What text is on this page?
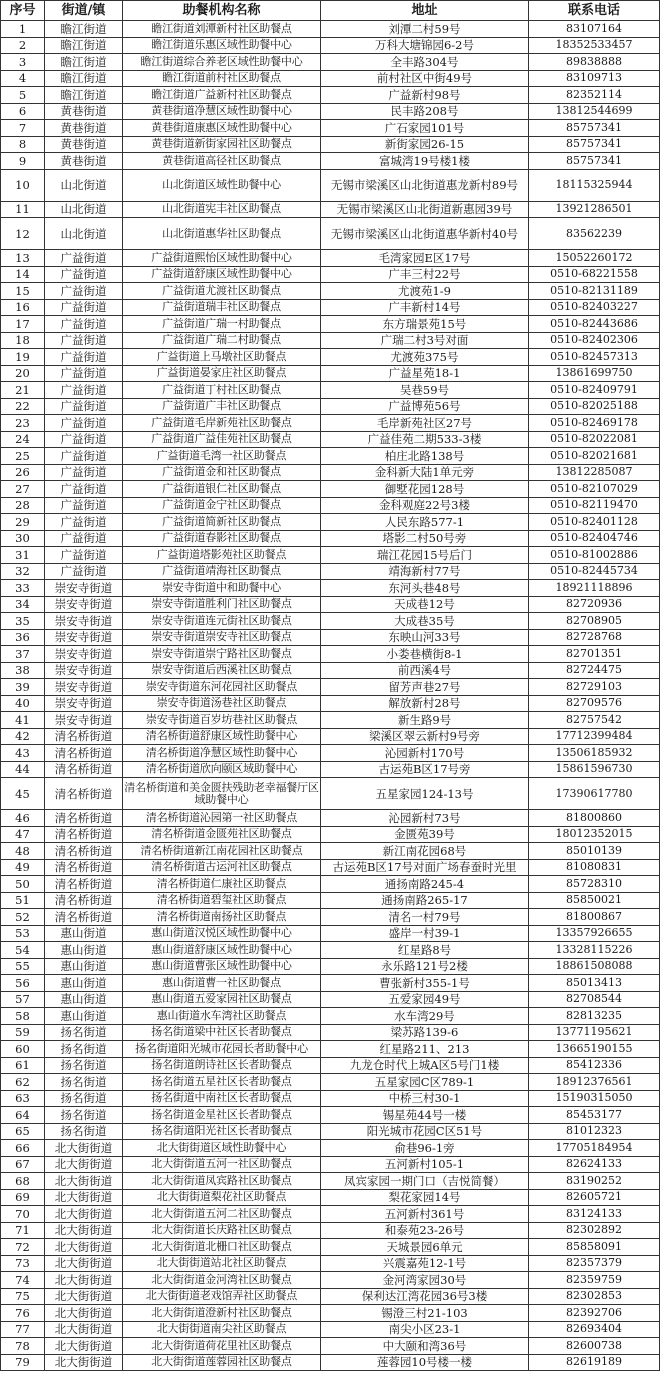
序号	街道/镇	助餐机构名称	地址	联系电话
1	瞻江街道	瞻江街道刘潭新村社区助餐点	刘潭二村59号	83107164
2	瞻江街道	瞻江街道乐惠区域性助餐中心	万科大塘锦园6-2号	18352533457
3	瞻江街道	瞻江街道综合养老区域性助餐中心	全丰路304号	89838888
4	瞻江街道	瞻江街道前村社区助餐点	前村社区中街49号	83109713
5	瞻江街道	瞻江街道广益新村社区助餐点	广益新村98号	82352114
6	黄巷街道	黄巷街道净慧区域性助餐中心	民丰路208号	13812544699
7	黄巷街道	黄巷街道康惠区域性助餐中心	广石家园101号	85757341
8	黄巷街道	黄巷街道新街家园社区助餐点	新街家园26-15	85757341
9	黄巷街道	黄巷街道高径社区助餐点	富城湾19号楼1楼	85757341
10	山北街道	山北街道区域性助餐中心	无锡市梁溪区山北街道惠龙新村89号	18115325944
11	山北街道	山北街道宪丰社区助餐点	无锡市梁溪区山北街道新惠园39号	13921286501
12	山北街道	山北街道惠华社区助餐点	无锡市梁溪区山北街道惠华新村40号	83562239
13	广益街道	广益街道熙怡区域性助餐中心	毛湾家园E区17号	15052260172
14	广益街道	广益街道舒康区域性助餐中心	广丰三村22号	0510-68221558
15	广益街道	广益街道尤渡社区助餐点	尤渡苑1-9	0510-82131189
16	广益街道	广益街道瑞丰社区助餐点	广丰新村14号	0510-82403227
17	广益街道	广益街道广瑞一村助餐点	东方瑞景苑15号	0510-82443686
18	广益街道	广益街道广瑞二村助餐点	广瑞二村3号对面	0510-82402306
19	广益街道	广益街道上马墩社区助餐点	尤渡苑375号	0510-82457313
20	广益街道	广益街道晏家庄社区助餐点	广益星苑18-1	13861699750
21	广益街道	广益街道丁村社区助餐点	吴巷59号	0510-82409791
22	广益街道	广益街道广丰社区助餐点	广益博苑56号	0510-82025188
23	广益街道	广益街道毛岸新苑社区助餐点	毛岸新苑社区27号	0510-82469178
24	广益街道	广益街道广益佳苑社区助餐点	广益佳苑二期533-3楼	0510-82022081
25	广益街道	广益街道毛湾一社区助餐点	柏庄北路138号	0510-82021681
26	广益街道	广益街道金和社区助餐点	金科新大陆1单元旁	13812285087
27	广益街道	广益街道银仁社区助餐点	御墅花园128号	0510-82107029
28	广益街道	广益街道金宁社区助餐点	金科观庭22号3楼	0510-82119470
29	广益街道	广益街道简新社区助餐点	人民东路577-1	0510-82401128
30	广益街道	广益街道春影社区助餐点	塔影二村50号旁	0510-82404746
31	广益街道	广益街道塔影苑社区助餐点	瑞江花园15号后门	0510-81002886
32	广益街道	广益街道靖海社区助餐点	靖海新村77号	0510-82445734
33	崇安寺街道	崇安寺街道中和助餐中心	东河头巷48号	18921118896
34	崇安寺街道	崇安寺街道胜利门社区助餐点	天成巷12号	82720936
35	崇安寺街道	崇安寺街道连元街社区助餐点	大成巷35号	82708905
36	崇安寺街道	崇安寺街道崇安寺社区助餐点	东映山河33号	82728768
37	崇安寺街道	崇安寺街道崇宁路社区助餐点	小娄巷横街8-1	82701351
38	崇安寺街道	崇安寺街道后西溪社区助餐点	前西溪4号	82724475
39	崇安寺街道	崇安寺街道东河花园社区助餐点	留芳声巷27号	82729103
40	崇安寺街道	崇安寺街道汤巷社区助餐点	解放新村28号	82709576
41	崇安寺街道	崇安寺街道百岁坊巷社区助餐点	新生路9号	82757542
42	清名桥街道	清名桥街道舒康区域性助餐中心	梁溪区翠云新村9号旁	17712399484
43	清名桥街道	清名桥街道净慧区域性助餐中心	沁园新村170号	13506185932
44	清名桥街道	清名桥街道欣向颐区域助餐中心	古运苑B区17号旁	15861596730
45	清名桥街道	清名桥街道和美金匮扶残助老幸福餐厅区域助餐中心	五星家园124-13号	17390617780
46	清名桥街道	清名桥街道沁园第一社区助餐点	沁园新村73号	81800860
47	清名桥街道	清名桥街道金匮苑社区助餐点	金匮苑39号	18012352015
48	清名桥街道	清名桥街道新江南花园社区助餐点	新江南花园68号	85010139
49	清名桥街道	清名桥街道古运河社区助餐点	古运苑B区17号对面广场春蚕时光里	81080831
50	清名桥街道	清名桥街道仁康社区助餐点	通扬南路245-4	85728310
51	清名桥街道	清名桥街道碧玺社区助餐点	通扬南路265-17	85850021
52	清名桥街道	清名桥街道南扬社区助餐点	清名一村79号	81800867
53	惠山街道	惠山街道汉悦区域性助餐中心	盛岸一村39-1	13357926655
54	惠山街道	惠山街道舒康区域性助餐中心	红星路8号	13328115226
55	惠山街道	惠山街道曹张区域性助餐中心	永乐路121号2楼	18861508088
56	惠山街道	惠山街道曹一社区助餐点	曹张新村355-1号	85013413
57	惠山街道	惠山街道五爱家园社区助餐点	五爱家园49号	82708544
58	惠山街道	惠山街道水车湾社区助餐点	水车湾29号	82813235
59	扬名街道	扬名街道梁中社区长者助餐点	梁苏路139-6	13771195621
60	扬名街道	扬名街道阳光城市花园长者助餐中心	红星路211、213	13665190155
61	扬名街道	扬名街道朗诗社区长者助餐点	九龙仓时代上城A区5号门1楼	85412336
62	扬名街道	扬名街道五星社区长者助餐点	五星家园C区789-1	18912376561
63	扬名街道	扬名街道中南社区长者助餐点	中桥三村30-1	15190315050
64	扬名街道	扬名街道金星社区长者助餐点	锡星苑44号一楼	85453177
65	扬名街道	扬名街道阳光社区长者助餐点	阳光城市花园C区51号	81012323
66	北大街街道	北大街街道区域性助餐中心	俞巷96-1旁	17705184954
67	北大街街道	北大街街道五河一社区助餐点	五河新村105-1	82624133
68	北大街街道	北大街街道凤宾路社区助餐点	凤宾家园一期门口（吉悦简餐）	83190252
69	北大街街道	北大街街道梨花社区助餐点	梨花家园14号	82605721
70	北大街街道	北大街街道五河二社区助餐点	五河新村361号	83124133
71	北大街街道	北大街街道长庆路社区助餐点	和泰苑23-26号	82302892
72	北大街街道	北大街街道北栅口社区助餐点	天城景园6单元	85858091
73	北大街街道	北大街街道站北社区助餐点	兴震嘉苑12-1号	82357379
74	北大街街道	北大街街道金河湾社区助餐点	金河湾家园30号	82359759
75	北大街街道	北大街街道老戏馆弄社区助餐点	保利达江湾花园36号3楼	82302853
76	北大街街道	北大街街道澄新村社区助餐点	锡澄三村21-103	82392706
77	北大街街道	北大街街道南尖社区助餐点	南尖小区23-1	82693404
78	北大街街道	北大街街道荷花里社区助餐点	中大颐和湾36号	82600738
79	北大街街道	北大街街道莲蓉园社区助餐点	莲蓉园10号楼一楼	82619189
